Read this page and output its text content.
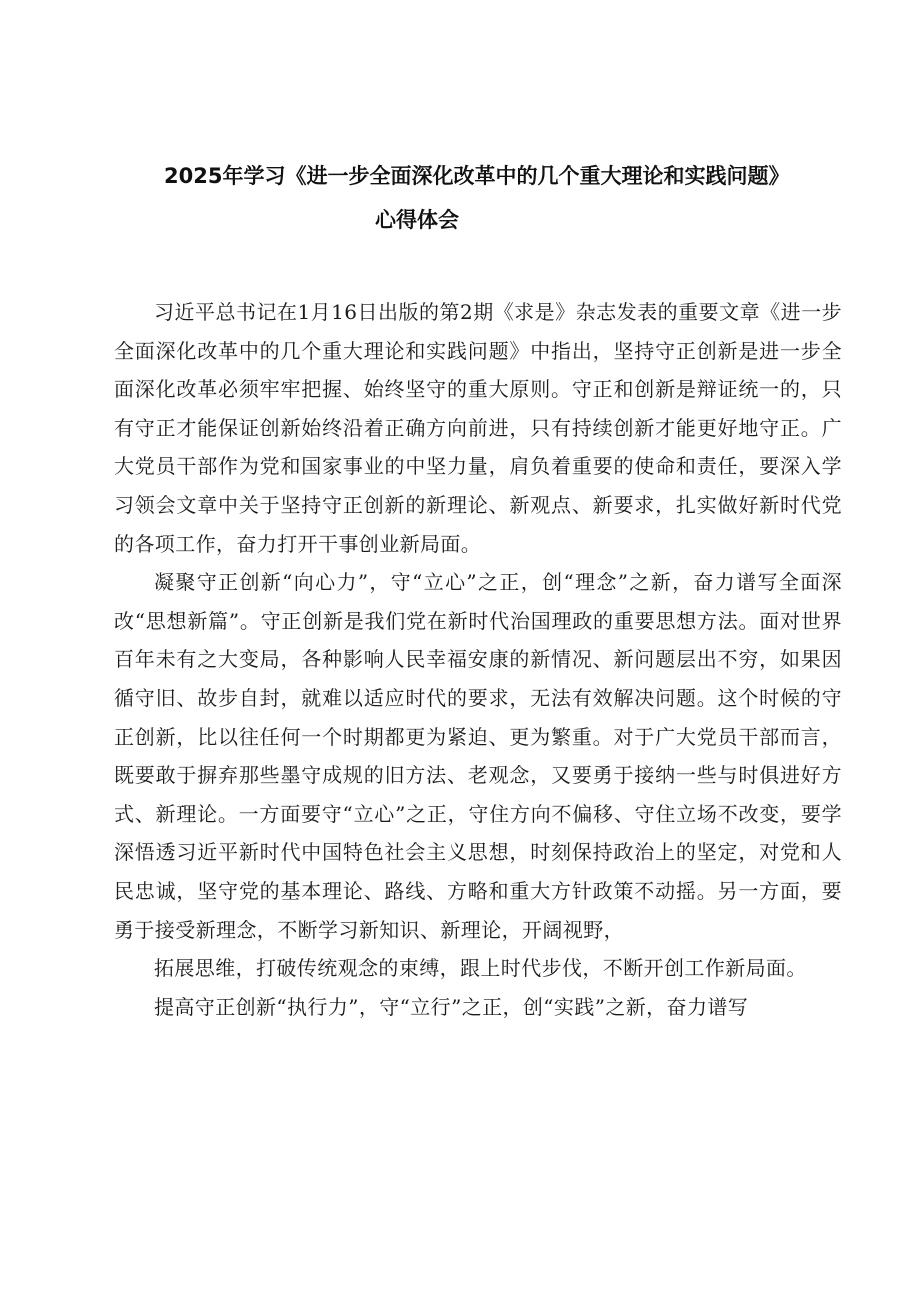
2025年学习《进一步全面深化改革中的几个重大理论和实践问题》
心得体会

习近平总书记在1月16日出版的第2期《求是》杂志发表的重要文章《进一步全面深化改革中的几个重大理论和实践问题》中指出，坚持守正创新是进一步全面深化改革必须牢牢把握、始终坚守的重大原则。守正和创新是辩证统一的，只有守正才能保证创新始终沿着正确方向前进，只有持续创新才能更好地守正。广大党员干部作为党和国家事业的中坚力量，肩负着重要的使命和责任，要深入学习领会文章中关于坚持守正创新的新理论、新观点、新要求，扎实做好新时代党的各项工作，奋力打开干事创业新局面。

凝聚守正创新“向心力”，守“立心”之正，创“理念”之新，奋力谱写全面深改“思想新篇”。守正创新是我们党在新时代治国理政的重要思想方法。面对世界百年未有之大变局，各种影响人民幸福安康的新情况、新问题层出不穷，如果因循守旧、故步自封，就难以适应时代的要求，无法有效解决问题。这个时候的守正创新，比以往任何一个时期都更为紧迫、更为繁重。对于广大党员干部而言，既要敢于摒弃那些墨守成规的旧方法、老观念，又要勇于接纳一些与时俱进好方式、新理论。一方面要守“立心”之正，守住方向不偏移、守住立场不改变，要学深悟透习近平新时代中国特色社会主义思想，时刻保持政治上的坚定，对党和人民忠诚，坚守党的基本理论、路线、方略和重大方针政策不动摇。另一方面，要勇于接受新理念，不断学习新知识、新理论，开阔视野，

拓展思维，打破传统观念的束缚，跟上时代步伐，不断开创工作新局面。

提高守正创新“执行力”，守“立行”之正，创“实践”之新，奋力谱写
